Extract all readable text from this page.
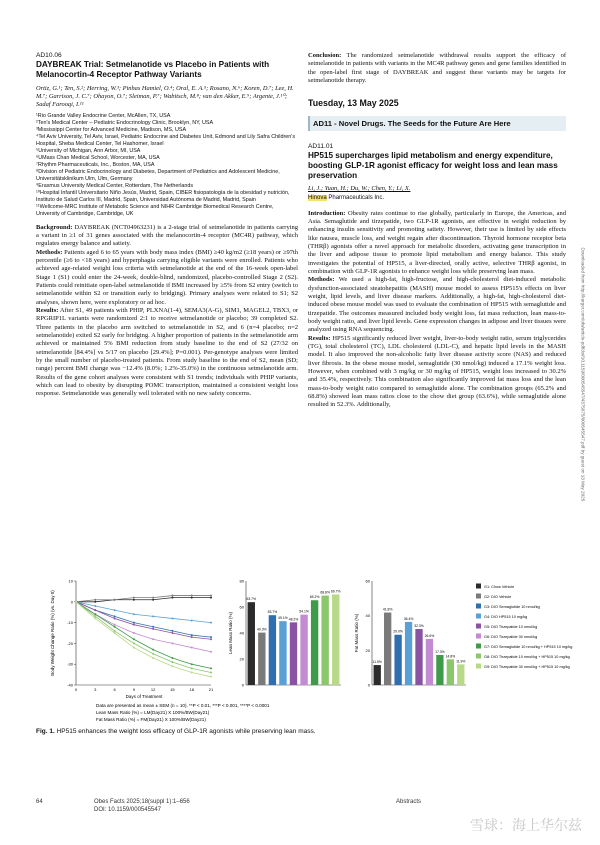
AD10.06
DAYBREAK Trial: Setmelanotide vs Placebo in Patients with Melanocortin-4 Receptor Pathway Variants
Ortiz, G.¹; Ten, S.²; Herring, W.³; Pinhas Hamiel, O.⁴; Oral, E. A.⁵; Rosano, N.⁶; Koren, D.⁷; Lee, H. M.⁷; Garrison, J. C.⁷; Ohayon, O.⁷; Sleiman, P.⁷; Wabitsch, M.⁸; van den Akker, E.⁹; Argente, J.¹⁰; Sadaf Farooqi, I.¹¹

¹Rio Grande Valley Endocrine Center, McAllen, TX, USA

²Ten's Medical Center – Pediatric Endocrinology Clinic, Brooklyn, NY, USA

³Mississippi Center for Advanced Medicine, Madison, MS, USA

⁴Tel Aviv University, Tel Aviv, Israel, Pediatric Endocrine and Diabetes Unit, Edmond and Lily Safra Children's Hospital, Sheba Medical Center, Tel Hashomer, Israel

⁵University of Michigan, Ann Arbor, MI, USA

⁶UMass Chan Medical School, Worcester, MA, USA

⁷Rhythm Pharmaceuticals, Inc., Boston, MA, USA

⁸Division of Pediatric Endocrinology and Diabetes, Department of Pediatrics and Adolescent Medicine, Universitätsklinikum Ulm, Ulm, Germany

⁹Erasmus University Medical Center, Rotterdam, The Netherlands

¹⁰Hospital Infantil Universitario Niño Jesús, Madrid, Spain, CIBER fisiopatología de la obesidad y nutrición, Instituto de Salud Carlos III, Madrid, Spain, Universidad Autónoma de Madrid, Madrid, Spain

¹¹Wellcome-MRC Institute of Metabolic Science and NIHR Cambridge Biomedical Research Centre, University of Cambridge, Cambridge, UK

Background: DAYBREAK (NCT04963231) is a 2-stage trial of setmelanotide in patients carrying a variant in ≥1 of 31 genes associated with the melanocortin-4 receptor (MC4R) pathway, which regulates energy balance and satiety.

Methods: Patients aged 6 to 65 years with body mass index (BMI) ≥40 kg/m2 (≥18 years) or ≥97th percentile (≥6 to <18 years) and hyperphagia carrying eligible variants were enrolled. Patients who achieved age-related weight loss criteria with setmelanotide at the end of the 16-week open-label Stage 1 (S1) could enter the 24-week, double-blind, randomized, placebo-controlled Stage 2 (S2). Patients could reinitiate open-label setmelanotide if BMI increased by ≥5% from S2 entry (switch to setmelanotide within S2 or transition early to bridging). Primary analyses were related to S1; S2 analyses, shown here, were exploratory or ad hoc.

Results: After S1, 49 patients with PHIP, PLXNA(1-4), SEMA3(A-G), SIM1, MAGEL2, TBX3, or RPGRIP1L variants were randomized 2:1 to receive setmelanotide or placebo; 39 completed S2. Three patients in the placebo arm switched to setmelanotide in S2, and 6 (n=4 placebo; n=2 setmelanotide) exited S2 early for bridging. A higher proportion of patients in the setmelanotide arm achieved or maintained 5% BMI reduction from study baseline to the end of S2 (27/32 on setmelanotide [84.4%] vs 5/17 on placebo [29.4%]; P=0.001). Per-genotype analyses were limited by the small number of placebo-treated patients. From study baseline to the end of S2, mean (SD; range) percent BMI change was −12.4% (8.0%; 1.2%-35.0%) in the continuous setmelanotide arm. Results of the gene cohort analyses were consistent with S1 trends; individuals with PHIP variants, which can lead to obesity by disrupting POMC transcription, maintained a consistent weight loss response. Setmelanotide was generally well tolerated with no new safety concerns.

Conclusion: The randomized setmelanotide withdrawal results support the efficacy of setmelanotide in patients with variants in the MC4R pathway genes and gene families identified in the open-label first stage of DAYBREAK and suggest these variants may be targets for setmelanotide therapy.

Tuesday, 13 May 2025
AD11 - Novel Drugs. The Seeds for the Future Are Here
AD11.01
HP515 supercharges lipid metabolism and energy expenditure, boosting GLP-1R agonist efficacy for weight loss and lean mass preservation
Li, J.; Yuan, H.; Du, W.; Chen, Y.; Li, X.
Hinova Pharmaceuticals Inc.

Introduction: Obesity rates continue to rise globally, particularly in Europe, the Americas, and Asia. Semaglutide and tirzepatide, two GLP-1R agonists, are effective in weight reduction by enhancing insulin sensitivity and promoting satiety. However, their use is limited by side effects like nausea, muscle loss, and weight regain after discontinuation. Thyroid hormone receptor beta (THRβ) agonists offer a novel approach for metabolic disorders, activating gene transcription in the liver and adipose tissue to promote lipid metabolism and energy balance. This study investigates the potential of HP515, a liver-directed, orally active, selective THRβ agonist, in combination with GLP-1R agonists to enhance weight loss while preserving lean mass.

Methods: We used a high-fat, high-fructose, and high-cholesterol diet-induced metabolic dysfunction-associated steatohepatitis (MASH) mouse model to assess HP515's effects on liver weight, lipid levels, and liver disease markers. Additionally, a high-fat, high-cholesterol diet-induced obese mouse model was used to evaluate the combination of HP515 with semaglutide and tirzepatide. The outcomes measured included body weight loss, fat mass reduction, lean mass-to-body weight ratio, and liver lipid levels. Gene expression changes in adipose and liver tissues were analyzed using RNA sequencing.

Results: HP515 significantly reduced liver weight, liver-to-body weight ratio, serum triglycerides (TG), total cholesterol (TC), LDL cholesterol (LDL-C), and hepatic lipid levels in the MASH model. It also improved the non-alcoholic fatty liver disease activity score (NAS) and reduced liver fibrosis. In the obese mouse model, semaglutide (30 nmol/kg) induced a 17.1% weight loss. However, when combined with 3 mg/kg or 30 mg/kg of HP515, weight loss increased to 30.2% and 35.4%, respectively. This combination also significantly improved fat mass loss and the lean mass-to-body weight ratio compared to semaglutide alone. The combination groups (65.2% and 68.8%) showed lean mass ratios close to the chow diet group (63.6%), while semaglutide alone resulted in 52.3%. Additionally,

Body Weight Change Ratio (%) (vs. Day 0)
Days of Treatment
-40
-30
-20
-10
0
10
0	3	6	9	12	15	18	21
Lean Mass Ratio (%)
0
20
40
60
80
63.7%
40.3%
53.7%
49.1% 48.2%
54.1%
65.2%
68.8% 69.7%
Fat Mass Ratio (%)
0
20
40
60
11.5%
41.8%
29.0%
36.4%
32.3%
26.6%
17.3%
14.8%
11.9%
G1: Chow Vehicle
G2: DIO Vehicle
G3: DIO Semaglutide 10 nmol/kg
G4: DIO HP515 10 mg/kg
G5: DIO Tirzepatide 10 nmol/kg
G6: DIO Tirzepatide 30 nmol/kg
G7: DIO Semaglutide 10 nmol/kg + HP515 10 mg/kg
G8: DIO Tirzepatide 10 nmol/kg + HP515 10 mg/kg
G9: DIO Tirzepatide 30 nmol/kg + HP515 10 mg/kg
Data are presented as mean ± SEM (n = 10). **P < 0.01, ***P < 0.001, ****P < 0.0001
Lean Mass Ratio (%) = LM(Day21) X 100%/BW(Day21)
Fat Mass Ratio (%) = FM(Day21) X 100%/BW(Day21)
Fig. 1. HP515 enhances the weight loss efficacy of GLP-1R agonists while preserving lean mass.
64	Obes Facts 2025;18(suppl 1):1–656
DOI: 10.1159/000545547
Abstracts
Downloaded from http://karger.com/ofa/article-pdf/doi/10.1159/000545547/4375075/000545547.pdf by guest on 13 May 2025
雪球：海上华尔兹
